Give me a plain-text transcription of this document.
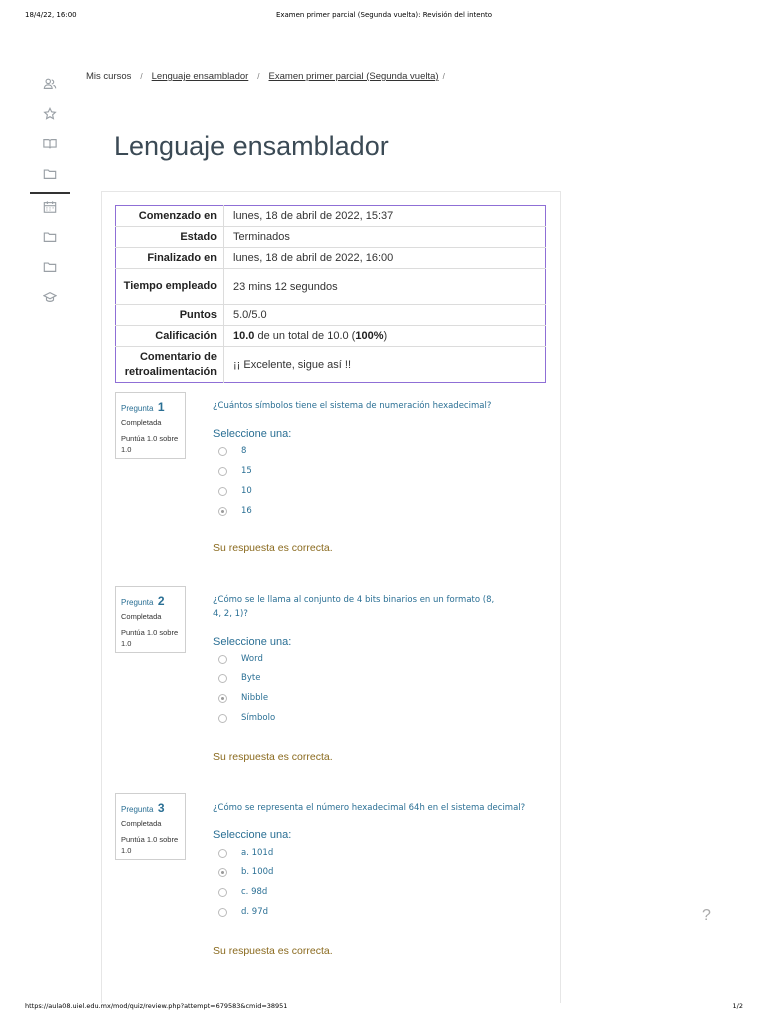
18/4/22, 16:00	Examen primer parcial (Segunda vuelta): Revisión del intento
Mis cursos / Lenguaje ensamblador / Examen primer parcial (Segunda vuelta) /
Lenguaje ensamblador
Comenzado en	lunes, 18 de abril de 2022, 15:37
Estado	Terminados
Finalizado en	lunes, 18 de abril de 2022, 16:00
Tiempo empleado	23 mins 12 segundos
Puntos	5.0/5.0
Calificación	10.0 de un total de 10.0 (100%)
Comentario de retroalimentación	¡¡ Excelente, sigue así !!
Pregunta 1
Completada
Puntúa 1.0 sobre 1.0
¿Cuántos símbolos tiene el sistema de numeración hexadecimal?
Seleccione una:
8
15
10
16
Su respuesta es correcta.
Pregunta 2
Completada
Puntúa 1.0 sobre 1.0
¿Cómo se le llama al conjunto de 4 bits binarios en un formato (8, 4, 2, 1)?
Seleccione una:
Word
Byte
Nibble
Símbolo
Su respuesta es correcta.
Pregunta 3
Completada
Puntúa 1.0 sobre 1.0
¿Cómo se representa el número hexadecimal 64h en el sistema decimal?
Seleccione una:
a. 101d
b. 100d
c. 98d
d. 97d
Su respuesta es correcta.
?
https://aula08.uiel.edu.mx/mod/quiz/review.php?attempt=679583&cmid=38951	1/2
